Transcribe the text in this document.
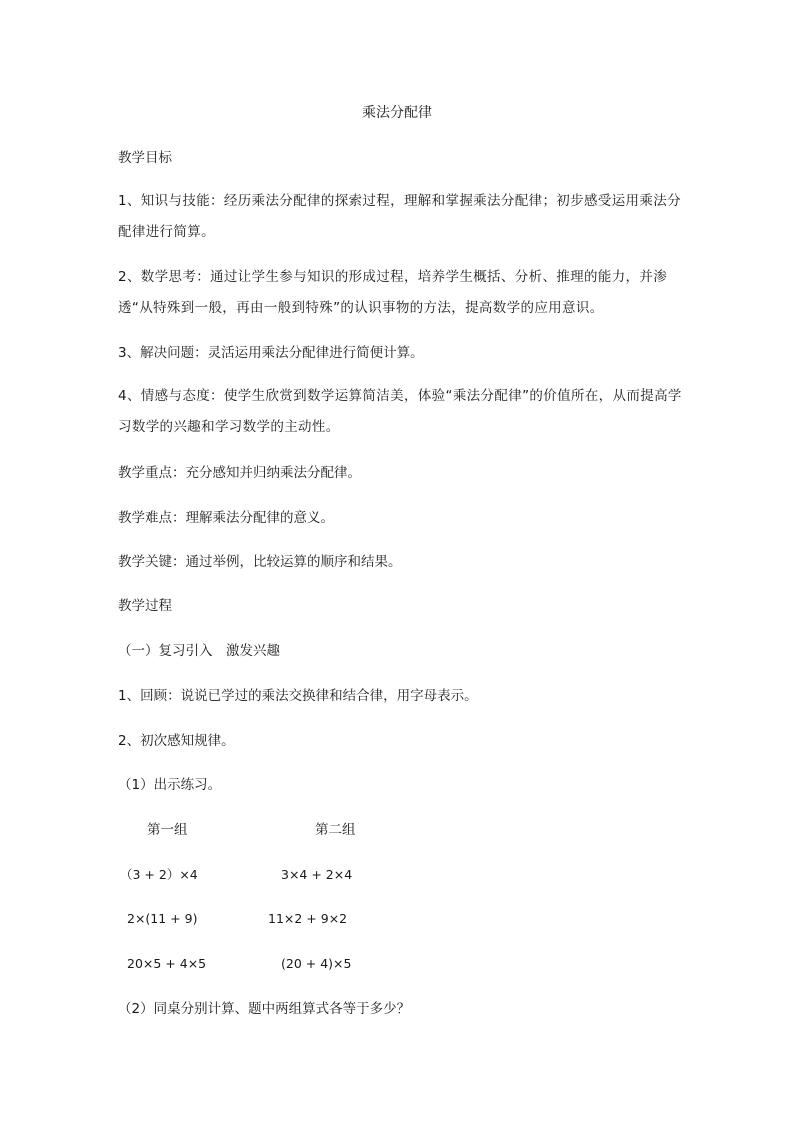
乘法分配律
教学目标
1、知识与技能：经历乘法分配律的探索过程，理解和掌握乘法分配律；初步感受运用乘法分配律进行简算。
2、数学思考：通过让学生参与知识的形成过程，培养学生概括、分析、推理的能力，并渗透“从特殊到一般，再由一般到特殊”的认识事物的方法，提高数学的应用意识。
3、解决问题：灵活运用乘法分配律进行简便计算。
4、情感与态度：使学生欣赏到数学运算简洁美，体验“乘法分配律”的价值所在，从而提高学习数学的兴趣和学习数学的主动性。
教学重点：充分感知并归纳乘法分配律。
教学难点：理解乘法分配律的意义。
教学关键：通过举例，比较运算的顺序和结果。
教学过程
（一）复习引入　激发兴趣
1、回顾：说说已学过的乘法交换律和结合律，用字母表示。
2、初次感知规律。
（1）出示练习。
第一组	第二组
（3 + 2）×4	3×4 + 2×4
2×(11 + 9)	11×2 + 9×2
20×5 + 4×5	(20 + 4)×5
（2）同桌分别计算、题中两组算式各等于多少？
